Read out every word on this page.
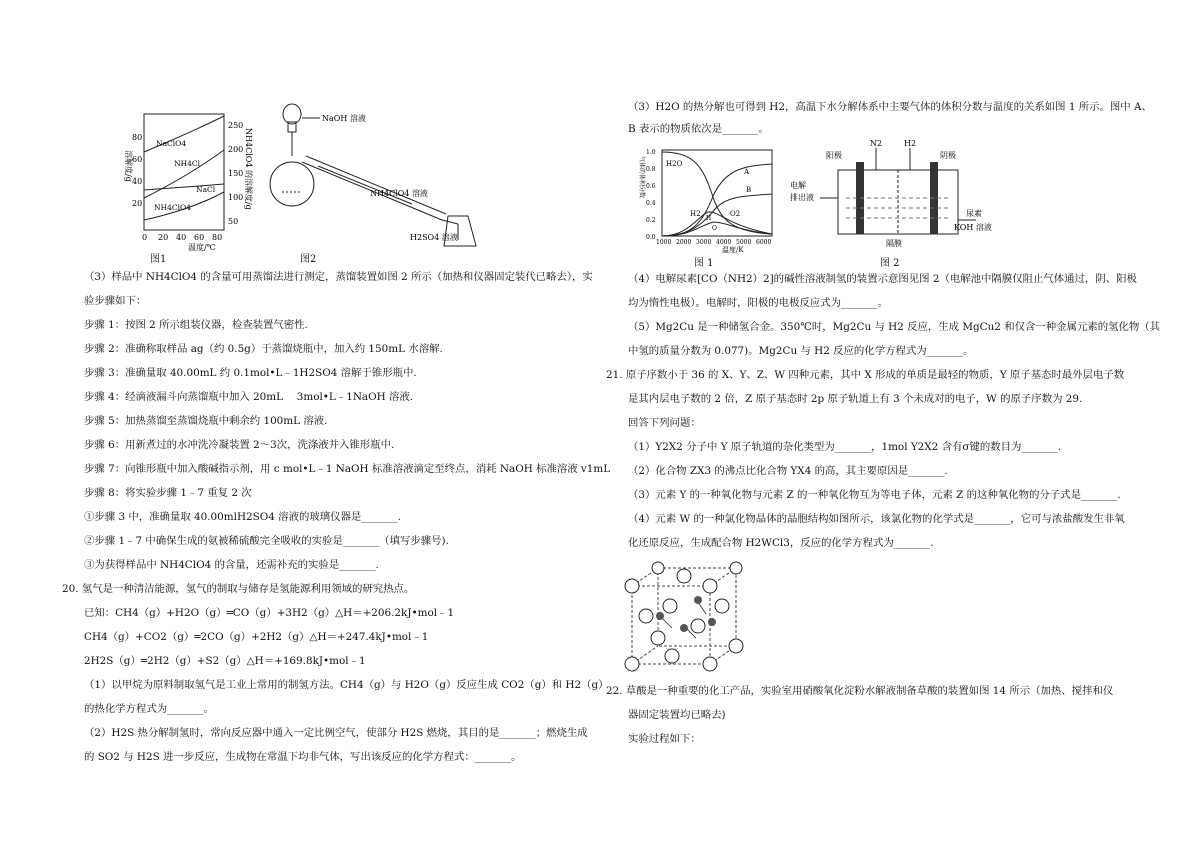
80
60
40
20
250
200
150
100
50
0 20 40 60 80
NaClO4
NH4Cl
NaCl
NH4ClO4
溶解度/g	NH4ClO4 的溶解度/g
温度/℃
图1
NaOH 溶液
NH4ClO4 溶液
H2SO4 溶液
图2
（3）样品中 NH4ClO4 的含量可用蒸馏法进行测定，蒸馏装置如图 2 所示（加热和仪器固定装代已略去），实
验步骤如下：
步骤 1：按图 2 所示组装仪器，检查装置气密性.
步骤 2：准确称取样品 ag（约 0.5g）于蒸馏烧瓶中，加入约 150mL 水溶解.
步骤 3：准确量取 40.00mL 约 0.1mol•L﹣1H2SO4 溶解于锥形瓶中.
步骤 4：经滴液漏斗向蒸馏瓶中加入 20mL　 3mol•L﹣1NaOH 溶液.
步骤 5：加热蒸馏至蒸馏烧瓶中剩余约 100mL 溶液.
步骤 6：用新煮过的水冲洗冷凝装置 2～3次，洗涤液并入锥形瓶中.
步骤 7：向锥形瓶中加入酸碱指示剂，用 c mol•L﹣1 NaOH 标准溶液滴定至终点，消耗 NaOH 标准溶液 v1mL
步骤 8：将实验步骤 1﹣7 重复 2 次
①步骤 3 中，准确量取 40.00mlH2SO4 溶液的玻璃仪器是_______.
②步骤 1﹣7 中确保生成的氨被稀硫酸完全吸收的实验是_______（填写步骤号).
③为获得样品中 NH4ClO4 的含量，还需补充的实验是_______.
20. 氢气是一种清洁能源，氢气的制取与储存是氢能源利用领域的研究热点。
已知：CH4（g）+H2O（g）═CO（g）+3H2（g）△H＝+206.2kJ•mol﹣1
CH4（g）+CO2（g）═2CO（g）+2H2（g）△H＝+247.4kJ•mol﹣1
2H2S（g）═2H2（g）+S2（g）△H＝+169.8kJ•mol﹣1
（1）以甲烷为原料制取氢气是工业上常用的制氢方法。CH4（g）与 H2O（g）反应生成 CO2（g）和 H2（g）
的热化学方程式为_______。
（2）H2S 热分解制氢时，常向反应器中通入一定比例空气，使部分 H2S 燃烧，其目的是_______；燃烧生成
的 SO2 与 H2S 进一步反应，生成物在常温下均非气体，写出该反应的化学方程式：_______。
（3）H2O 的热分解也可得到 H2，高温下水分解体系中主要气体的体积分数与温度的关系如图 1 所示。图中 A、
B 表示的物质依次是_______。
1.0
0.8
0.6
0.4
0.2
0.0
1000 2000 3000 4000 5000 6000
H2O
A
B
H2	O2
H
O
气体的体积分数
温度/K
图 1
N2	H2
阳极	阴极
电解
排出液
尿素
KOH 溶液
隔膜
图 2
（4）电解尿素[CO（NH2）2]的碱性溶液制氢的装置示意图见图 2（电解池中隔膜仅阻止气体通过，阴、阳极
均为惰性电极）。电解时，阳极的电极反应式为_______。
（5）Mg2Cu 是一种储氢合金。350℃时，Mg2Cu 与 H2 反应，生成 MgCu2 和仅含一种金属元素的氢化物（其
中氢的质量分数为 0.077)。Mg2Cu 与 H2 反应的化学方程式为_______。
21. 原子序数小于 36 的 X、Y、Z、W 四种元素，其中 X 形成的单质是最轻的物质，Y 原子基态时最外层电子数
是其内层电子数的 2 倍，Z 原子基态时 2p 原子轨道上有 3 个未成对的电子，W 的原子序数为 29.
回答下列问题：
（1）Y2X2 分子中 Y 原子轨道的杂化类型为_______，1mol Y2X2 含有σ键的数目为_______.
（2）化合物 ZX3 的沸点比化合物 YX4 的高，其主要原因是_______.
（3）元素 Y 的一种氧化物与元素 Z 的一种氧化物互为等电子体，元素 Z 的这种氧化物的分子式是_______.
（4）元素 W 的一种氯化物晶体的晶胞结构如图所示，该氯化物的化学式是_______，它可与浓盐酸发生非氧
化还原反应，生成配合物 H2WCl3，反应的化学方程式为_______.
22. 草酸是一种重要的化工产品，实验室用硝酸氧化淀粉水解液制备草酸的装置如图 14 所示（加热、搅拌和仪
器固定装置均已略去)
实验过程如下：
